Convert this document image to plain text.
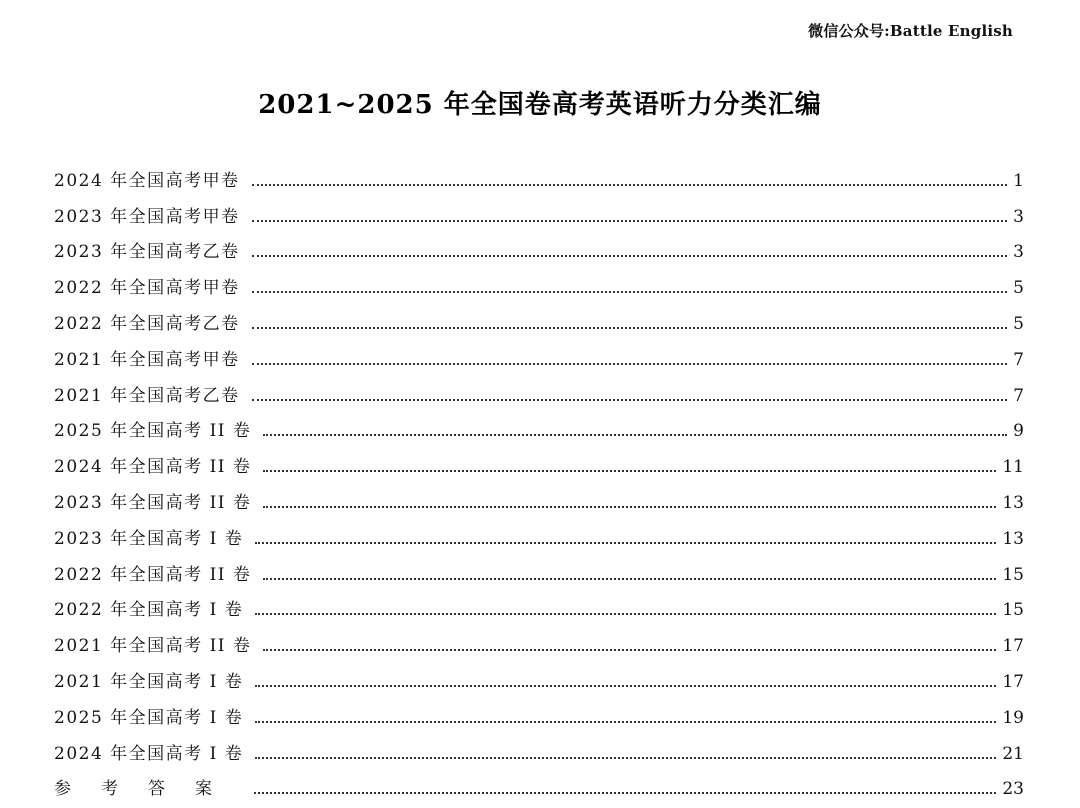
微信公众号:Battle English
2021~2025 年全国卷高考英语听力分类汇编
2024 年全国高考甲卷	1
2023 年全国高考甲卷	3
2023 年全国高考乙卷	3
2022 年全国高考甲卷	5
2022 年全国高考乙卷	5
2021 年全国高考甲卷	7
2021 年全国高考乙卷	7
2025 年全国高考 II 卷	9
2024 年全国高考 II 卷	11
2023 年全国高考 II 卷	13
2023 年全国高考 I 卷	13
2022 年全国高考 II 卷	15
2022 年全国高考 I 卷	15
2021 年全国高考 II 卷	17
2021 年全国高考 I 卷	17
2025 年全国高考 I 卷	19
2024 年全国高考 I 卷	21
参考答案	23
